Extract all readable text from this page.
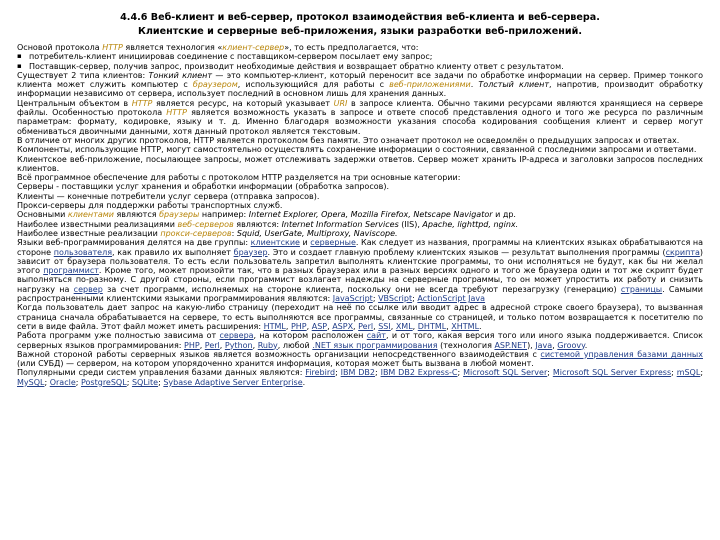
4.4.6 Веб-клиент и веб-сервер, протокол взаимодействия веб-клиента и веб-сервера.
Клиентские и серверные веб-приложения, языки разработки веб-приложений.

Основой протокола HTTP является технология «клиент-сервер», то есть предполагается, что:

▪ потребитель-клиент инициировав соединение с поставщиком-сервером посылает ему запрос;

▪ Поставщик-сервер, получив запрос, производит необходимые действия и возвращает обратно клиенту ответ с результатом.

Существует 2 типа клиентов: Тонкий клиент — это компьютер-клиент, который переносит все задачи по обработке информации на сервер. Пример тонкого клиента может служить компьютер с браузером, использующийся для работы с веб-приложениями. Толстый клиент, напротив, производит обработку информации независимо от сервера, использует последний в основном лишь для хранения данных.

Центральным объектом в HTTP является ресурс, на который указывает URI в запросе клиента. Обычно такими ресурсами являются хранящиеся на сервере файлы. Особенностью протокола HTTP является возможность указать в запросе и ответе способ представления одного и того же ресурса по различным параметрам: формату, кодировке, языку и т. д. Именно благодаря возможности указания способа кодирования сообщения клиент и сервер могут обмениваться двоичными данными, хотя данный протокол является текстовым.

В отличие от многих других протоколов, HTTP является протоколом без памяти. Это означает протокол не осведомлён о предыдущих запросах и ответах.

Компоненты, использующие HTTP, могут самостоятельно осуществлять сохранение информации о состоянии, связанной с последними запросами и ответами.

Клиентское веб-приложение, посылающее запросы, может отслеживать задержки ответов. Сервер может хранить IP-адреса и заголовки запросов последних клиентов.

Всё программное обеспечение для работы с протоколом HTTP разделяется на три основные категории:

Серверы - поставщики услуг хранения и обработки информации (обработка запросов).

Клиенты — конечные потребители услуг сервера (отправка запросов).

Прокси-серверы для поддержки работы транспортных служб.

Основными клиентами являются браузеры например: Internet Explorer, Opera, Mozilla Firefox, Netscape Navigator и др.

Наиболее известными реализациями веб-серверов являются: Internet Information Services (IIS), Apache, lighttpd, nginx.

Наиболее известные реализации прокси-серверов: Squid, UserGate, Multiproxy, Naviscope.

Языки веб-программирования делятся на две группы: клиентские и серверные. Как следует из названия, программы на клиентских языках обрабатываются на стороне пользователя, как правило их выполняет браузер. Это и создает главную проблему клиентских языков — результат выполнения программы (скрипта) зависит от браузера пользователя. То есть если пользователь запретил выполнять клиентские программы, то они исполняться не будут, как бы ни желал этого программист. Кроме того, может произойти так, что в разных браузерах или в разных версиях одного и того же браузера один и тот же скрипт будет выполняться по-разному. С другой стороны, если программист возлагает надежды на серверные программы, то он может упростить их работу и снизить нагрузку на сервер за счет программ, исполняемых на стороне клиента, поскольку они не всегда требуют перезагрузку (генерацию) страницы. Самыми распространенными клиентскими языками программирования являются: JavaScript; VBScript; ActionScript Java

Когда пользователь дает запрос на какую-либо страницу (переходит на неё по ссылке или вводит адрес в адресной строке своего браузера), то вызванная страница сначала обрабатывается на сервере, то есть выполняются все программы, связанные со страницей, и только потом возвращается к посетителю по сети в виде файла. Этот файл может иметь расширения: HTML, PHP, ASP, ASPX, Perl, SSI, XML, DHTML, XHTML.

Работа программ уже полностью зависима от сервера, на котором расположен сайт, и от того, какая версия того или иного языка поддерживается. Список серверных языков программирования: PHP, Perl, Python, Ruby, любой .NET язык программирования (технология ASP.NET), Java, Groovy.

Важной стороной работы серверных языков является возможность организации непосредственного взаимодействия с системой управления базами данных (или СУБД) — сервером, на котором упорядоченно хранится информация, которая может быть вызвана в любой момент.

Популярными среди систем управления базами данных являются: Firebird; IBM DB2; IBM DB2 Express-C; Microsoft SQL Server; Microsoft SQL Server Express; mSQL; MySQL; Oracle; PostgreSQL; SQLite; Sybase Adaptive Server Enterprise.
